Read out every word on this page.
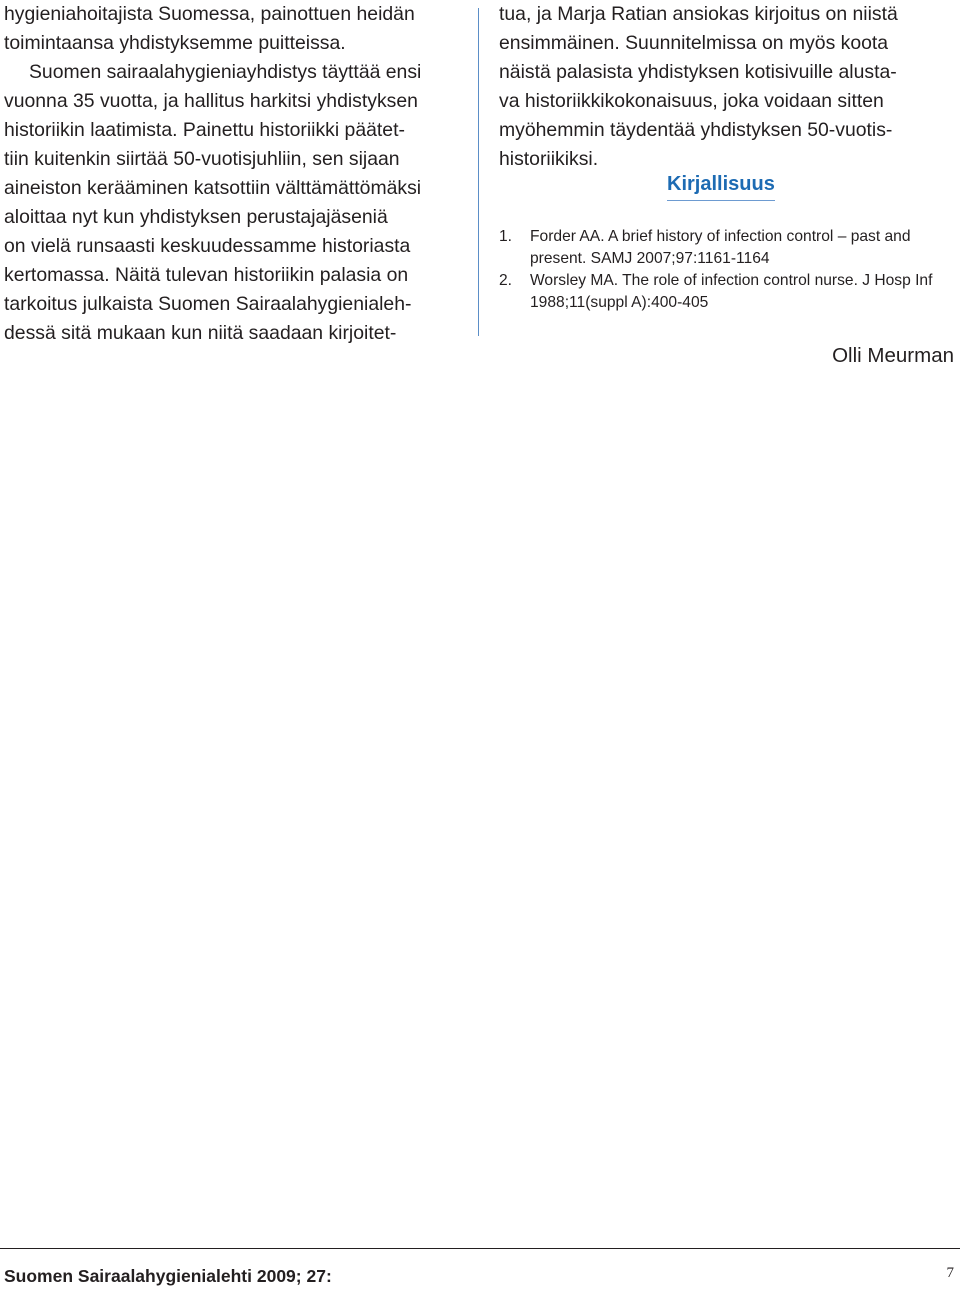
hygieniahoitajista Suomessa, painottuen heidän
toimintaansa yhdistyksemme puitteissa.
Suomen sairaalahygieniayhdistys täyttää ensi
vuonna 35 vuotta, ja hallitus harkitsi yhdistyksen
historiikin laatimista. Painettu historiikki päätet-
tiin kuitenkin siirtää 50-vuotisjuhliin, sen sijaan
aineiston kerääminen katsottiin välttämättömäksi
aloittaa nyt kun yhdistyksen perustajajäseniä
on vielä runsaasti keskuudessamme historiasta
kertomassa. Näitä tulevan historiikin palasia on
tarkoitus julkaista Suomen Sairaalahygienialeh-
dessä sitä mukaan kun niitä saadaan kirjoitet-
tua, ja Marja Ratian ansiokas kirjoitus on niistä
ensimmäinen. Suunnitelmissa on myös koota
näistä palasista yhdistyksen kotisivuille alusta-
va historiikkikokonaisuus, joka voidaan sitten
myöhemmin täydentää yhdistyksen 50-vuotis-
historiikiksi.
Kirjallisuus
1.	Forder AA. A brief history of infection control – past and present. SAMJ 2007;97:1161-1164
2.	Worsley MA. The role of infection control nurse. J Hosp Inf 1988;11(suppl A):400-405
Olli Meurman
Suomen Sairaalahygienialehti 2009; 27:	7
